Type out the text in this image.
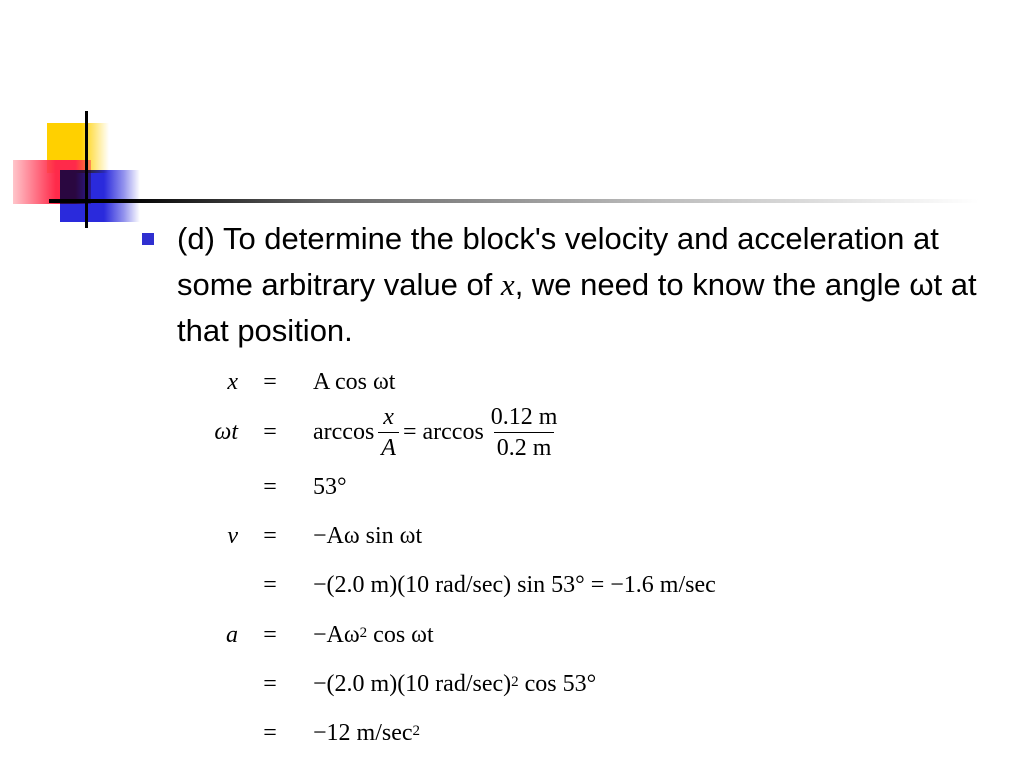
(d) To determine the block's velocity and acceleration at some arbitrary value of x, we need to know the angle ωt at that position.
x = A cos ωt
$\omega t = \arccos \frac{x}{A} = \arccos \frac{0.12 m}{0.2 m}$
= 53°
v = −Aω sin ωt
= −(2.0 m)(10 rad/sec) sin 53° = −1.6 m/sec
$a = -A\omega^2$ cos ωt
= −(2.0 m)(10 rad/sec)$^2$ cos 53°
= −12 $m/\sec^2$
